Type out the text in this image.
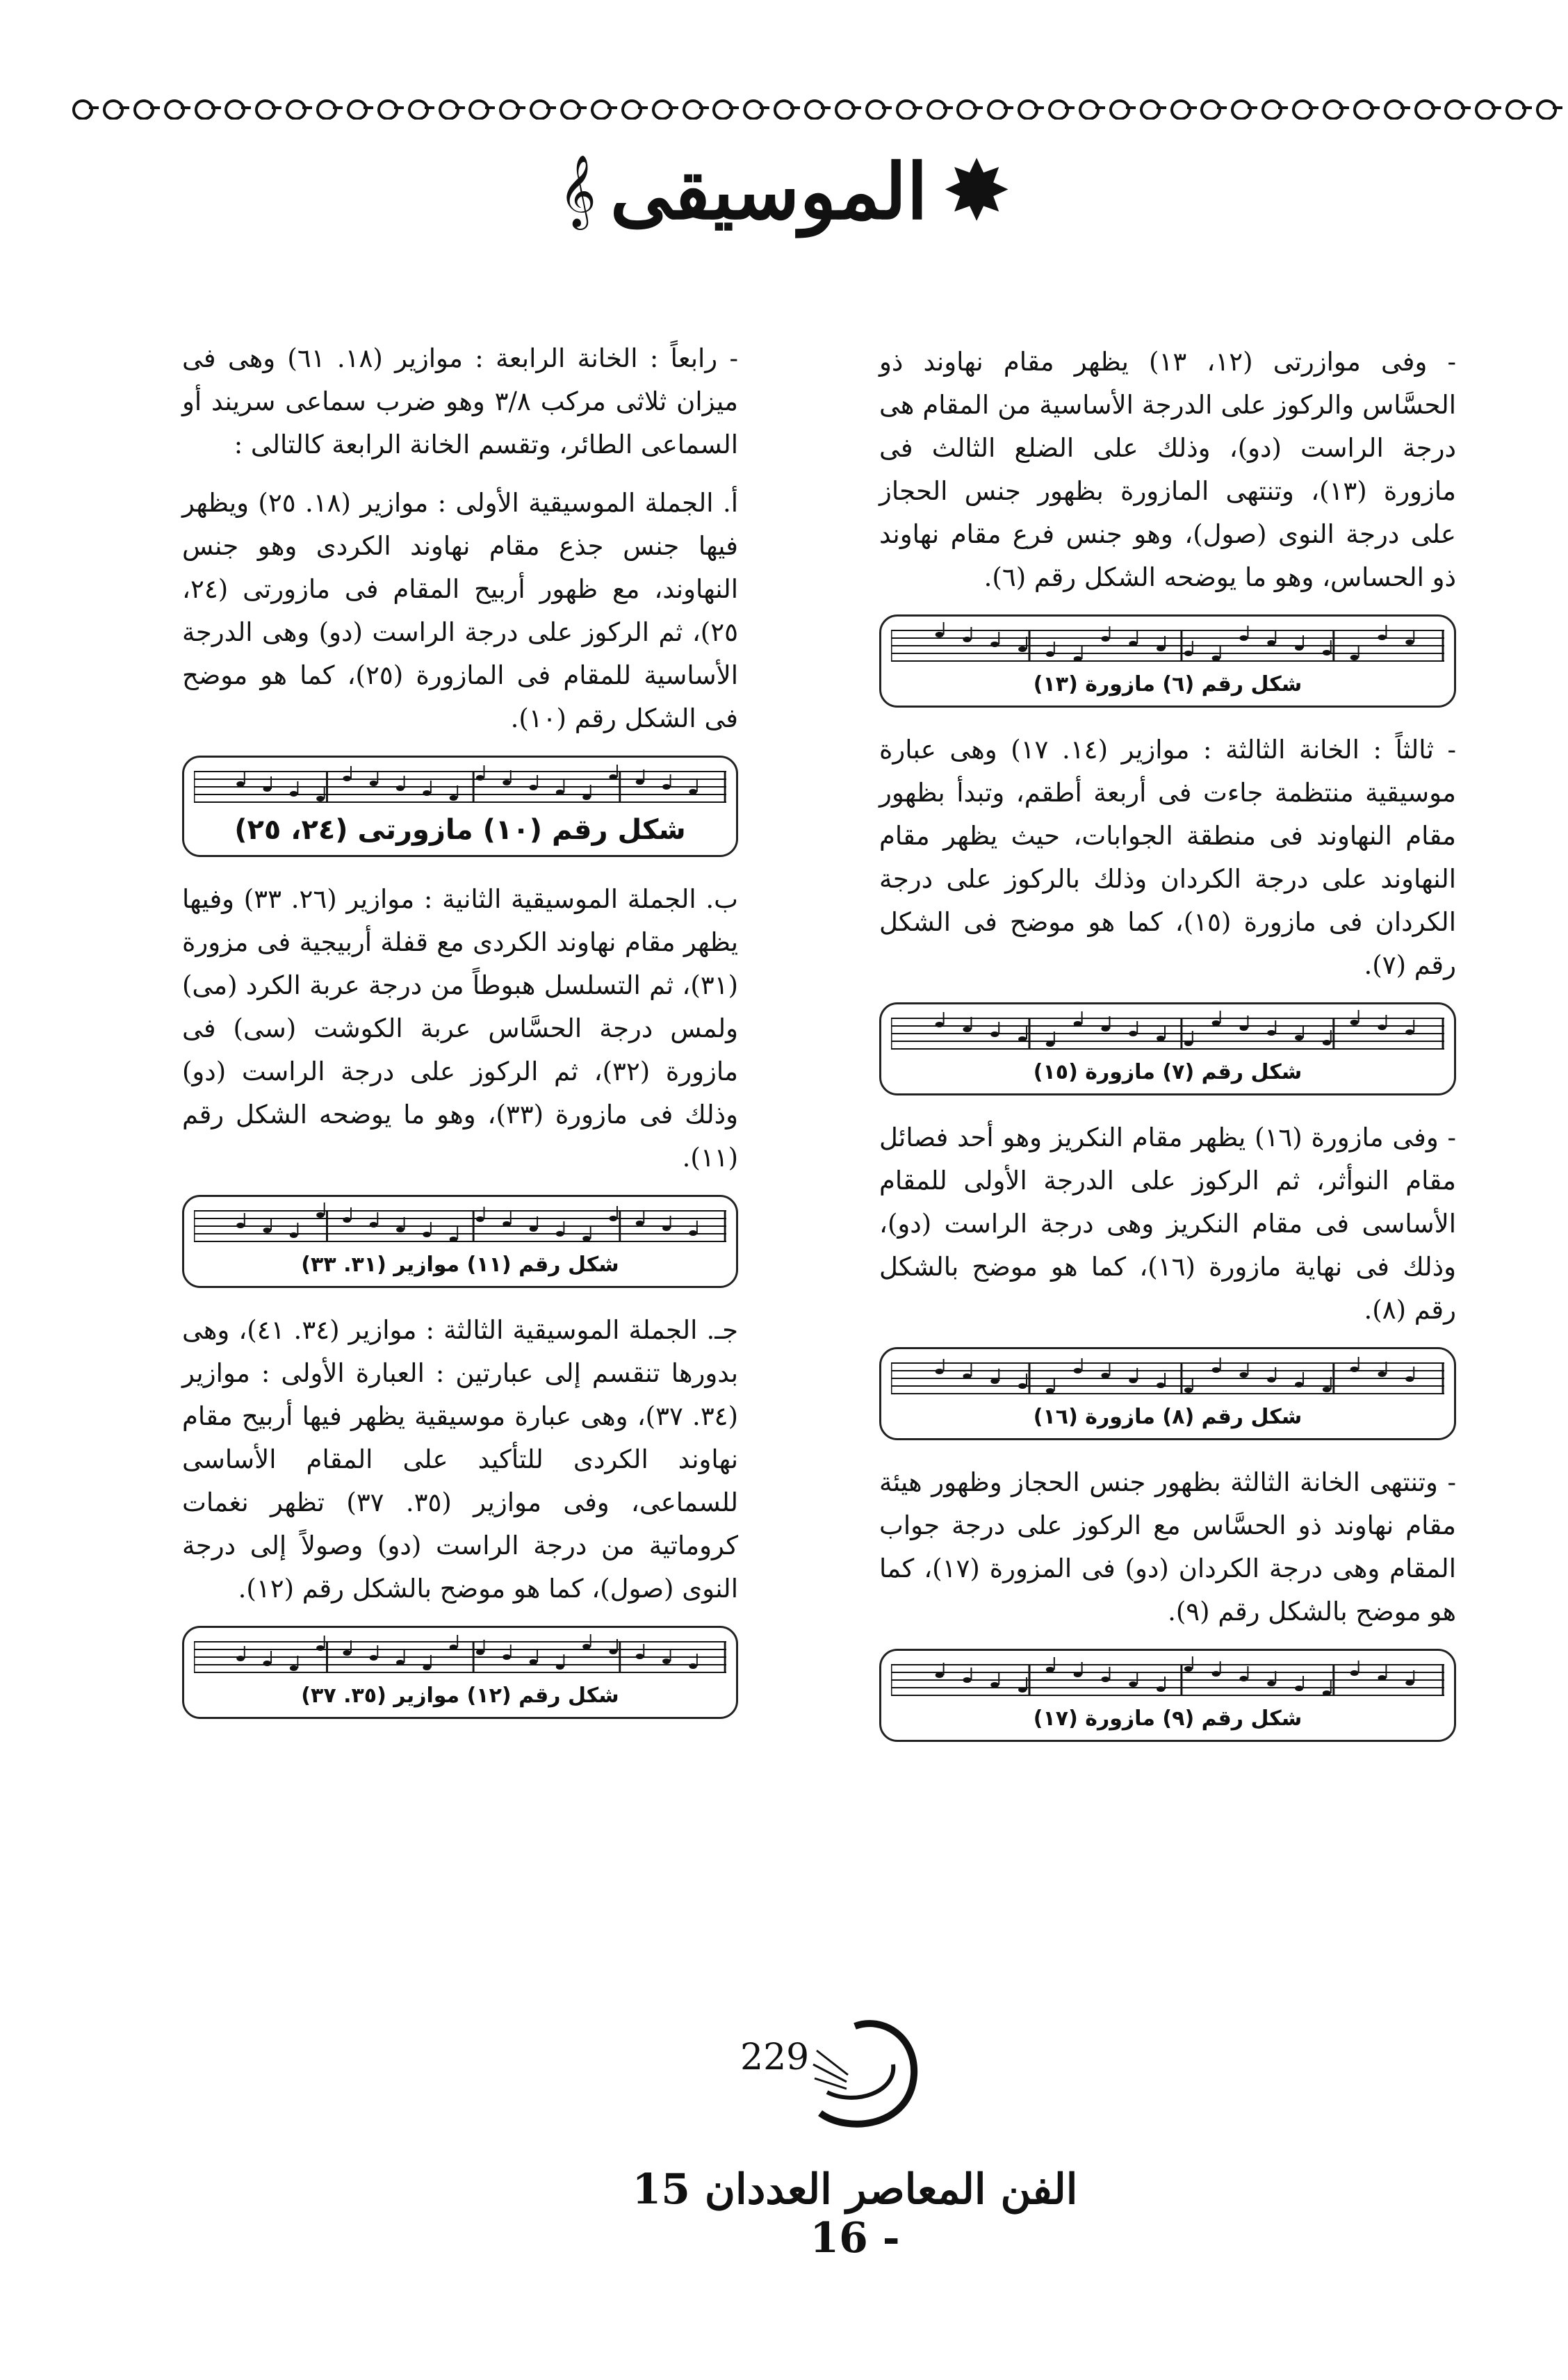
𝄞 الموسيقى ✸

- وفى موازرتى (١٢، ١٣) يظهر مقام نهاوند ذو الحسَّاس والركوز على الدرجة الأساسية من المقام هى درجة الراست (دو)، وذلك على الضلع الثالث فى مازورة (١٣)، وتنتهى المازورة بظهور جنس الحجاز على درجة النوى (صول)، وهو جنس فرع مقام نهاوند ذو الحساس، وهو ما يوضحه الشكل رقم (٦).

شكل رقم (٦) مازورة (١٣)

- ثالثاً : الخانة الثالثة : موازير (١٤. ١٧) وهى عبارة موسيقية منتظمة جاءت فى أربعة أطقم، وتبدأ بظهور مقام النهاوند فى منطقة الجوابات، حيث يظهر مقام النهاوند على درجة الكردان وذلك بالركوز على درجة الكردان فى مازورة (١٥)، كما هو موضح فى الشكل رقم (٧).

شكل رقم (٧) مازورة (١٥)

- وفى مازورة (١٦) يظهر مقام النكريز وهو أحد فصائل مقام النوأثر، ثم الركوز على الدرجة الأولى للمقام الأساسى فى مقام النكريز وهى درجة الراست (دو)، وذلك فى نهاية مازورة (١٦)، كما هو موضح بالشكل رقم (٨).

شكل رقم (٨) مازورة (١٦)

- وتنتهى الخانة الثالثة بظهور جنس الحجاز وظهور هيئة مقام نهاوند ذو الحسَّاس مع الركوز على درجة جواب المقام وهى درجة الكردان (دو) فى المزورة (١٧)، كما هو موضح بالشكل رقم (٩).

شكل رقم (٩) مازورة (١٧)

- رابعاً : الخانة الرابعة : موازير (١٨. ٦١) وهى فى ميزان ثلاثى مركب ٣/٨ وهو ضرب سماعى سريند أو السماعى الطائر، وتقسم الخانة الرابعة كالتالى :

أ. الجملة الموسيقية الأولى : موازير (١٨. ٢٥) ويظهر فيها جنس جذع مقام نهاوند الكردى وهو جنس النهاوند، مع ظهور أربيح المقام فى مازورتى (٢٤، ٢٥)، ثم الركوز على درجة الراست (دو) وهى الدرجة الأساسية للمقام فى المازورة (٢٥)، كما هو موضح فى الشكل رقم (١٠).

شكل رقم (١٠) مازورتى (٢٤، ٢٥)

ب. الجملة الموسيقية الثانية : موازير (٢٦. ٣٣) وفيها يظهر مقام نهاوند الكردى مع قفلة أربيجية فى مزورة (٣١)، ثم التسلسل هبوطاً من درجة عربة الكرد (مى) ولمس درجة الحسَّاس عربة الكوشت (سى) فى مازورة (٣٢)، ثم الركوز على درجة الراست (دو) وذلك فى مازورة (٣٣)، وهو ما يوضحه الشكل رقم (١١).

شكل رقم (١١) موازير (٣١. ٣٣)

جـ. الجملة الموسيقية الثالثة : موازير (٣٤. ٤١)، وهى بدورها تنقسم إلى عبارتين : العبارة الأولى : موازير (٣٤. ٣٧)، وهى عبارة موسيقية يظهر فيها أربيح مقام نهاوند الكردى للتأكيد على المقام الأساسى للسماعى، وفى موازير (٣٥. ٣٧) تظهر نغمات كروماتية من درجة الراست (دو) وصولاً إلى درجة النوى (صول)، كما هو موضح بالشكل رقم (١٢).

شكل رقم (١٢) موازير (٣٥. ٣٧)
229
الفن المعاصر العددان 15 - 16
